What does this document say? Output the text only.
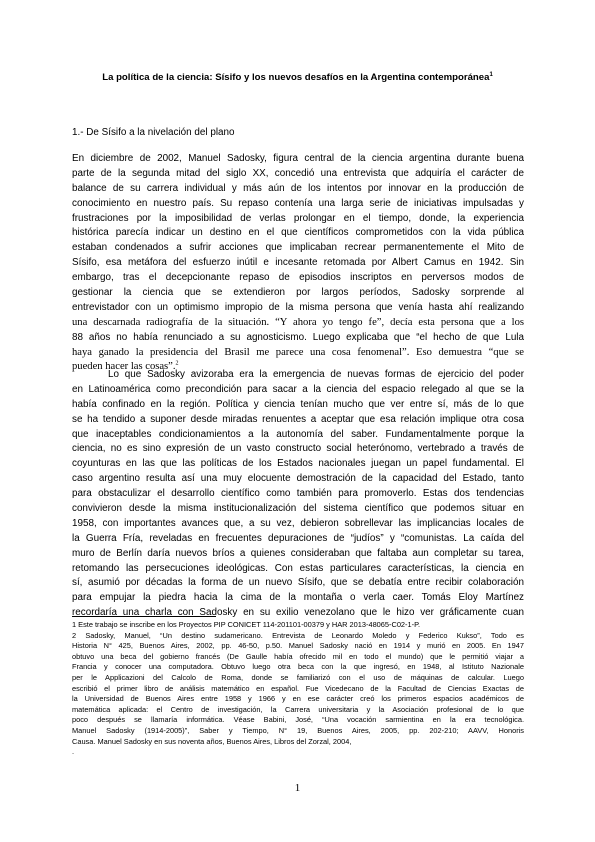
La política de la ciencia: Sísifo y los nuevos desafíos en la Argentina contemporánea$^1$
1.- De Sísifo a la nivelación del plano
En diciembre de 2002, Manuel Sadosky, figura central de la ciencia argentina durante buena
parte de la segunda mitad del siglo XX, concedió una entrevista que adquiría el carácter de
balance de su carrera individual y más aún de los intentos por innovar en la producción de
conocimiento en nuestro país. Su repaso contenía una larga serie de iniciativas impulsadas y
frustraciones por la imposibilidad de verlas prolongar en el tiempo, donde, la experiencia
histórica parecía indicar un destino en el que científicos comprometidos con la vida pública
estaban condenados a sufrir acciones que implicaban recrear permanentemente el Mito de
Sísifo, esa metáfora del esfuerzo inútil e incesante retomada por Albert Camus en 1942. Sin
embargo, tras el decepcionante repaso de episodios inscriptos en perversos modos de
gestionar la ciencia que se extendieron por largos períodos, Sadosky sorprende al
entrevistador con un optimismo impropio de la misma persona que venía hasta ahí realizando
una descarnada radiografía de la situación. “Y ahora yo tengo fe”, decía esta persona que a los
88 años no había renunciado a su agnosticismo. Luego explicaba que “el hecho de que Lula
haya ganado la presidencia del Brasil me parece una cosa fenomenal”. Eso demuestra “que se
pueden hacer las cosas”.$^2$
Lo que Sadosky avizoraba era la emergencia de nuevas formas de ejercicio del poder
en Latinoamérica como precondición para sacar a la ciencia del espacio relegado al que se la
había confinado en la región. Política y ciencia tenían mucho que ver entre sí, más de lo que
se ha tendido a suponer desde miradas renuentes a aceptar que esa relación implique otra cosa
que inaceptables condicionamientos a la autonomía del saber. Fundamentalmente porque la
ciencia, no es sino expresión de un vasto constructo social heterónomo, vertebrado a través de
coyunturas en las que las políticas de los Estados nacionales juegan un papel fundamental. El
caso argentino resulta así una muy elocuente demostración de la capacidad del Estado, tanto
para obstaculizar el desarrollo científico como también para promoverlo. Estas dos tendencias
convivieron desde la misma institucionalización del sistema científico que podemos situar en
1958, con importantes avances que, a su vez, debieron sobrellevar las implicancias locales de
la Guerra Fría, reveladas en frecuentes depuraciones de “judíos” y “comunistas. La caída del
muro de Berlín daría nuevos bríos a quienes consideraban que faltaba aun completar su tarea,
retomando las persecuciones ideológicas. Con estas particulares características, la ciencia en
sí, asumió por décadas la forma de un nuevo Sísifo, que se debatía entre recibir colaboración
para empujar la piedra hacia la cima de la montaña o verla caer. Tomás Eloy Martínez
recordaría una charla con Sadosky en su exilio venezolano que le hizo ver gráficamente cuan
1 Este trabajo se inscribe en los Proyectos PIP CONICET 114-201101-00379 y HAR 2013-48065-C02-1-P.
2 Sadosky, Manuel, “Un destino sudamericano. Entrevista de Leonardo Moledo y Federico Kukso”, Todo es
Historia N° 425, Buenos Aires, 2002, pp. 46-50, p.50. Manuel Sadosky nació en 1914 y murió en 2005. En 1947
obtuvo una beca del gobierno francés (De Gaulle había ofrecido mil en todo el mundo) que le permitió viajar a
Francia y conocer una computadora. Obtuvo luego otra beca con la que ingresó, en 1948, al Istituto Nazionale
per le Applicazioni del Calcolo de Roma, donde se familiarizó con el uso de máquinas de calcular. Luego
escribió el primer libro de análisis matemático en español. Fue Vicedecano de la Facultad de Ciencias Exactas de
la Universidad de Buenos Aires entre 1958 y 1966 y en ese carácter creó los primeros espacios académicos de
matemática aplicada: el Centro de investigación, la Carrera universitaria y la Asociación profesional de lo que
poco después se llamaría informática. Véase Babini, José, “Una vocación sarmientina en la era tecnológica.
Manuel Sadosky (1914-2005)”, Saber y Tiempo, N° 19, Buenos Aires, 2005, pp. 202-210; AAVV, Honoris
Causa. Manuel Sadosky en sus noventa años, Buenos Aires, Libros del Zorzal, 2004,
.
1
